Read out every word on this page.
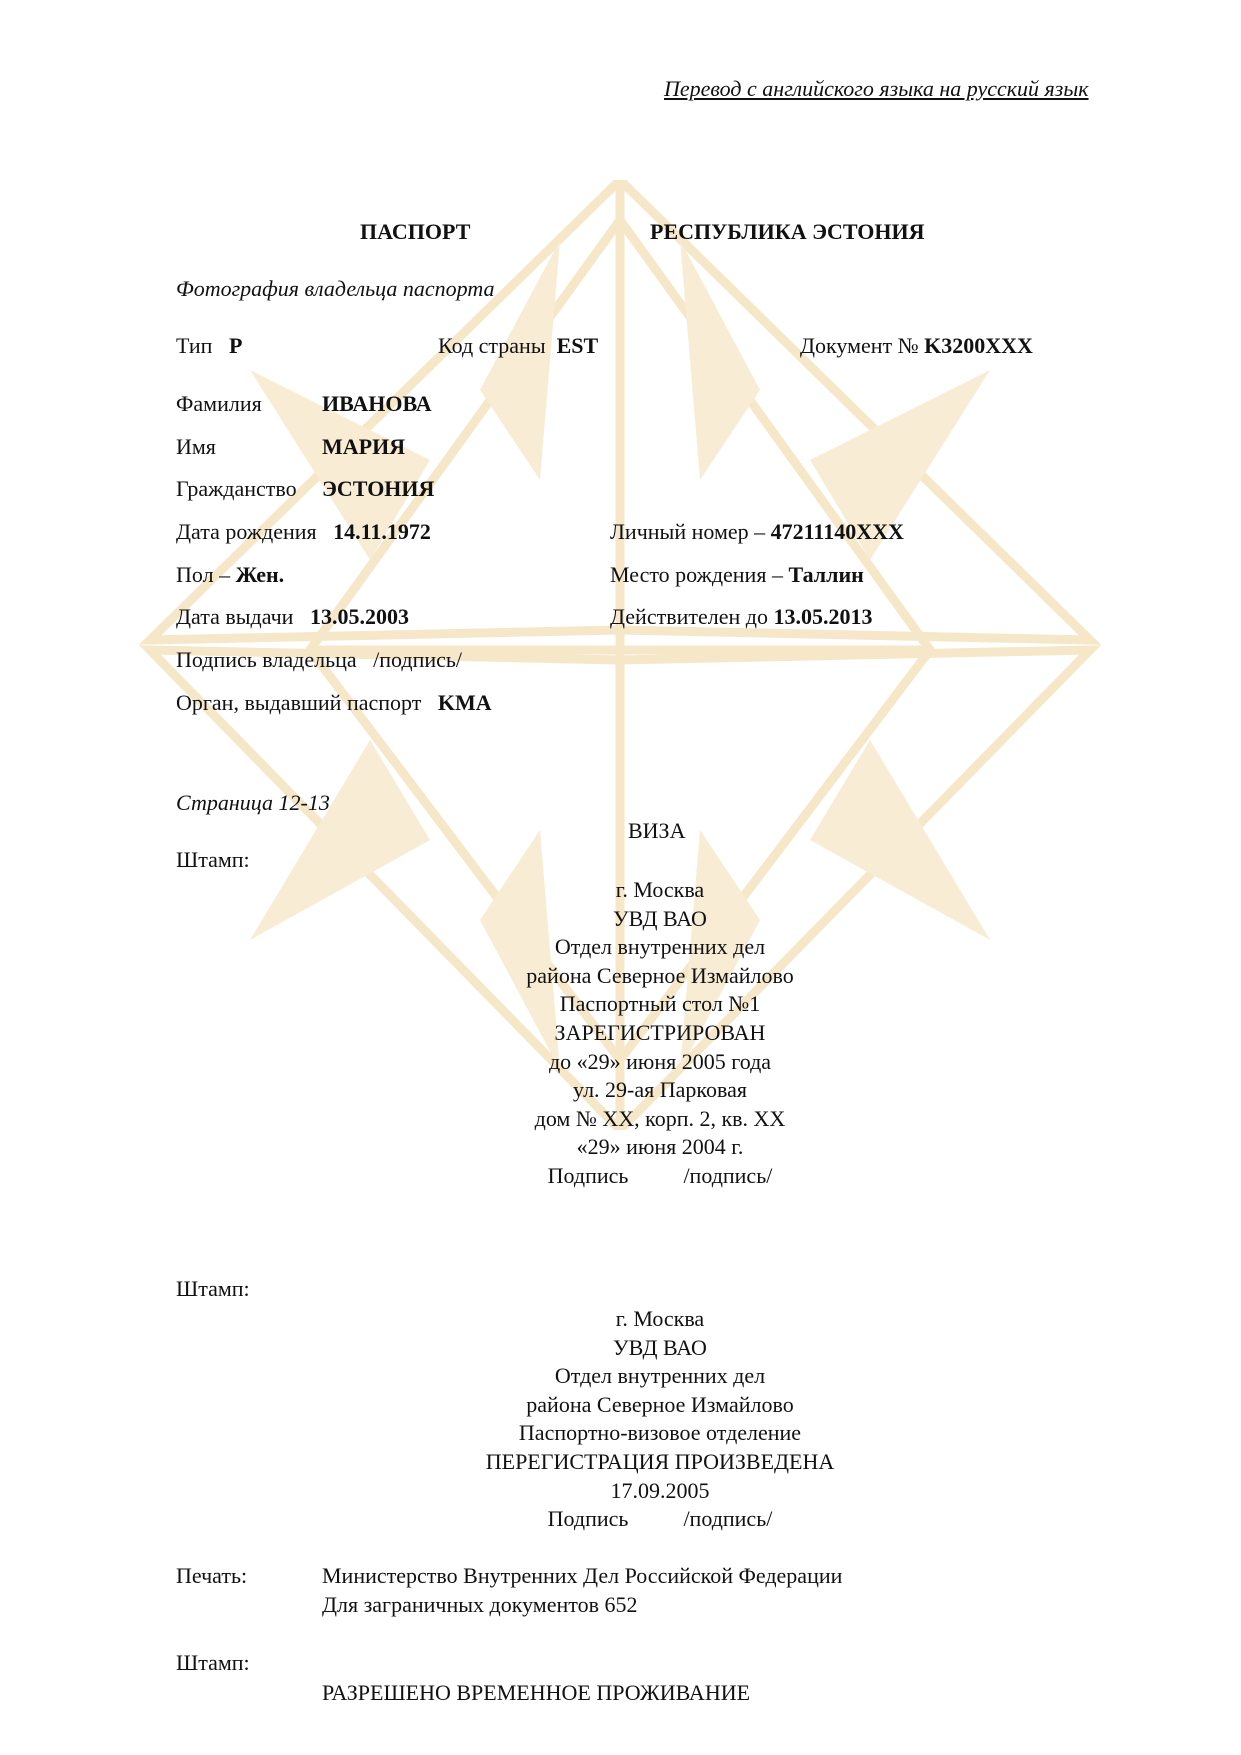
Перевод с английского языка на русский язык
ПАСПОРТ	РЕСПУБЛИКА ЭСТОНИЯ
Фотография владельца паспорта
Тип P	Код страны EST	Документ № K3200XXX
Фамилия	ИВАНОВА
Имя	МАРИЯ
Гражданство ЭСТОНИЯ
Дата рождения 14.11.1972	Личный номер – 47211140XXX
Пол – Жен.	Место рождения – Таллин
Дата выдачи 13.05.2003	Действителен до 13.05.2013
Подпись владельца /подпись/
Орган, выдавший паспорт KMA
Страница 12-13
ВИЗА
Штамп:
г. Москва
УВД ВАО
Отдел внутренних дел
района Северное Измайлово
Паспортный стол №1
ЗАРЕГИСТРИРОВАН
до «29» июня 2005 года
ул. 29-ая Парковая
дом № XX, корп. 2, кв. XX
«29» июня 2004 г.
Подпись	/подпись/
Штамп:
г. Москва
УВД ВАО
Отдел внутренних дел
района Северное Измайлово
Паспортно-визовое отделение
ПЕРЕГИСТРАЦИЯ ПРОИЗВЕДЕНА
17.09.2005
Подпись	/подпись/
Печать:	Министерство Внутренних Дел Российской Федерации
Для заграничных документов 652
Штамп:
РАЗРЕШЕНО ВРЕМЕННОЕ ПРОЖИВАНИЕ
